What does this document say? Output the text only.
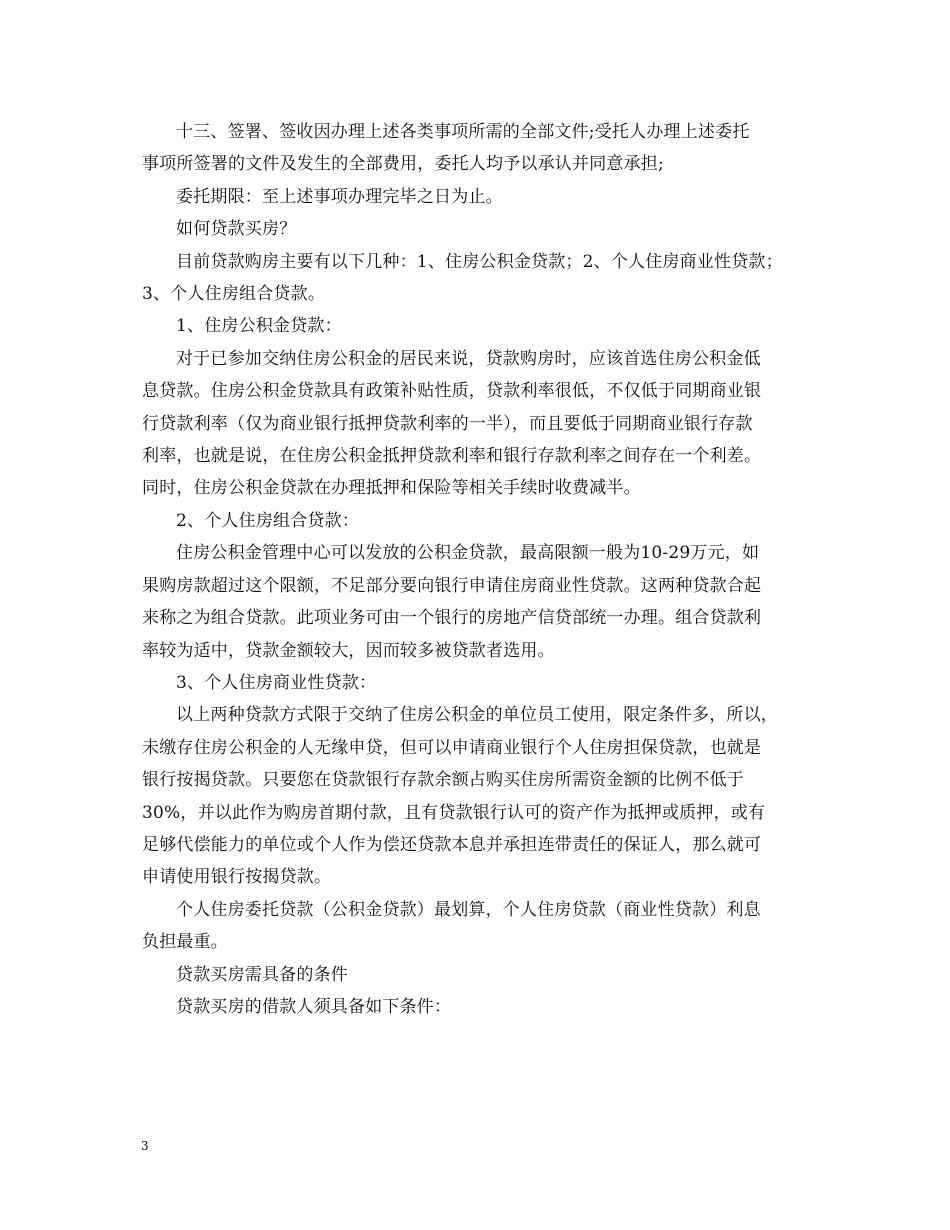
十三、签署、签收因办理上述各类事项所需的全部文件;受托人办理上述委托

事项所签署的文件及发生的全部费用，委托人均予以承认并同意承担;

委托期限：至上述事项办理完毕之日为止。

如何贷款买房？

目前贷款购房主要有以下几种：1、住房公积金贷款；2、个人住房商业性贷款；

3、个人住房组合贷款。

1、住房公积金贷款：

对于已参加交纳住房公积金的居民来说，贷款购房时，应该首选住房公积金低

息贷款。住房公积金贷款具有政策补贴性质，贷款利率很低，不仅低于同期商业银

行贷款利率（仅为商业银行抵押贷款利率的一半），而且要低于同期商业银行存款

利率，也就是说，在住房公积金抵押贷款利率和银行存款利率之间存在一个利差。

同时，住房公积金贷款在办理抵押和保险等相关手续时收费减半。

2、个人住房组合贷款：

住房公积金管理中心可以发放的公积金贷款，最高限额一般为10-29万元，如

果购房款超过这个限额，不足部分要向银行申请住房商业性贷款。这两种贷款合起

来称之为组合贷款。此项业务可由一个银行的房地产信贷部统一办理。组合贷款利

率较为适中，贷款金额较大，因而较多被贷款者选用。

3、个人住房商业性贷款：

以上两种贷款方式限于交纳了住房公积金的单位员工使用，限定条件多，所以，

未缴存住房公积金的人无缘申贷，但可以申请商业银行个人住房担保贷款，也就是

银行按揭贷款。只要您在贷款银行存款余额占购买住房所需资金额的比例不低于

30%，并以此作为购房首期付款，且有贷款银行认可的资产作为抵押或质押，或有

足够代偿能力的单位或个人作为偿还贷款本息并承担连带责任的保证人，那么就可

申请使用银行按揭贷款。

个人住房委托贷款（公积金贷款）最划算，个人住房贷款（商业性贷款）利息

负担最重。

贷款买房需具备的条件

贷款买房的借款人须具备如下条件：

3
